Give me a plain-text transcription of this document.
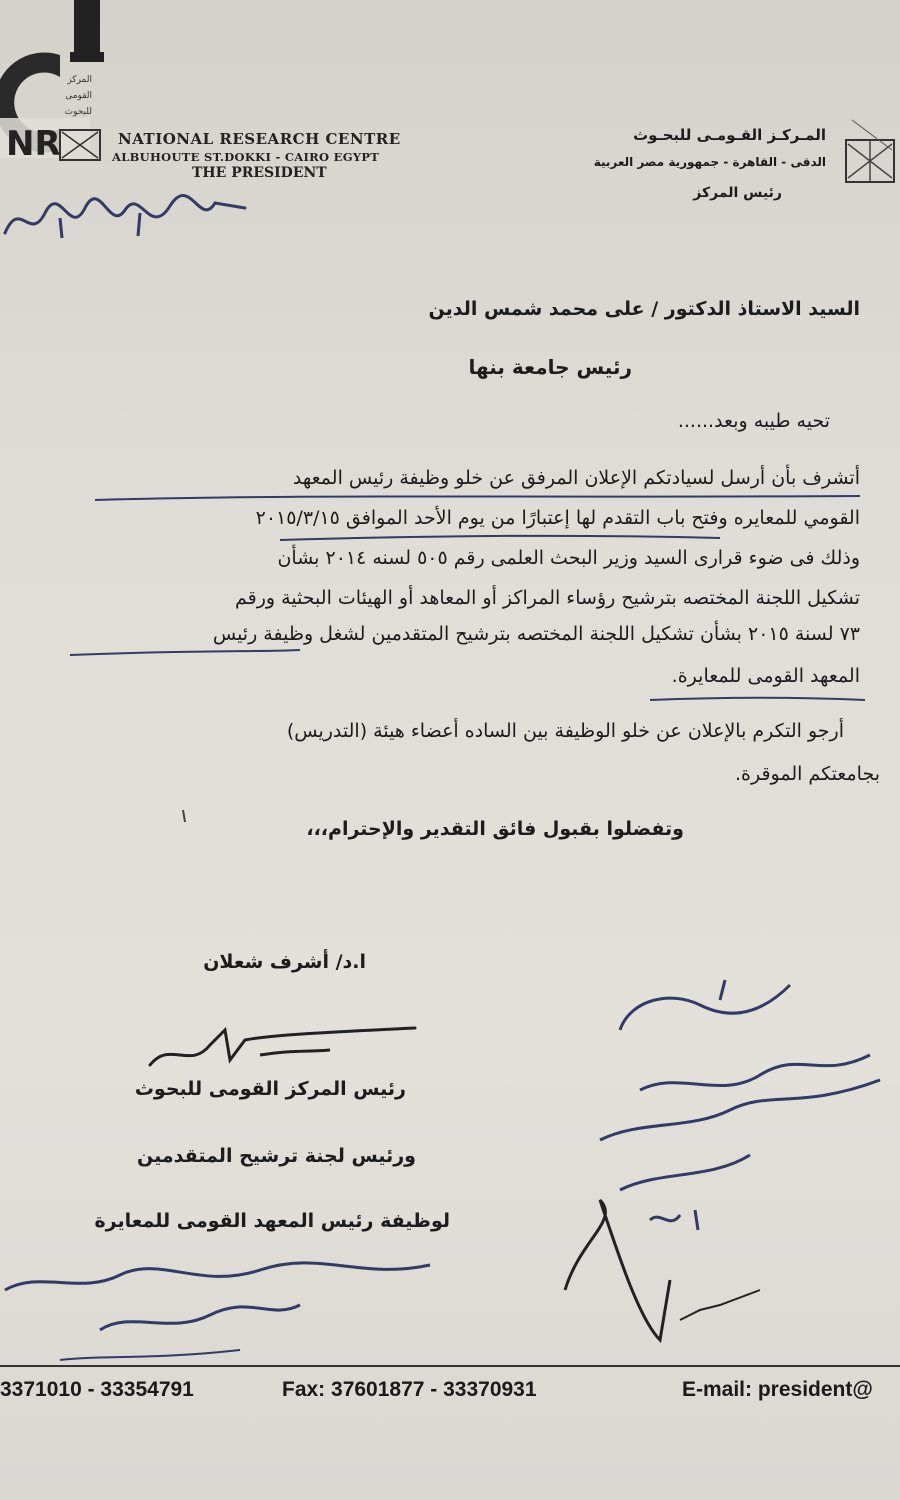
NR
المركز
القومى
للبحوث
NATIONAL RESEARCH CENTRE
ALBUHOUTE ST.DOKKI - CAIRO EGYPT
THE PRESIDENT
المـركـز القـومـى للبحـوث
الدقى - القاهرة - جمهورية مصر العربية
رئيس المركز
السيد الاستاذ الدكتور / على محمد شمس الدين
رئيس جامعة بنها
تحيه طيبه وبعد......
أتشرف بأن أرسل لسيادتكم الإعلان المرفق عن خلو وظيفة رئيس المعهد
القومي للمعايره وفتح باب التقدم لها إعتبارًا من يوم الأحد الموافق ٢٠١٥/٣/١٥
وذلك فى ضوء قرارى السيد وزير البحث العلمى رقم ٥٠٥ لسنه ٢٠١٤ بشأن
تشكيل اللجنة المختصه بترشيح رؤساء المراكز أو المعاهد أو الهيئات البحثية ورقم
٧٣ لسنة ٢٠١٥ بشأن تشكيل اللجنة المختصه بترشيح المتقدمين لشغل وظيفة رئيس
المعهد القومى للمعايرة.
أرجو التكرم بالإعلان عن خلو الوظيفة بين الساده أعضاء هيئة (التدريس)
بجامعتكم الموقرة.
وتفضلوا بقبول فائق التقدير والإحترام،،،
ا.د/ أشرف شعلان
رئيس المركز القومى للبحوث
ورئيس لجنة ترشيح المتقدمين
لوظيفة رئيس المعهد القومى للمعايرة
3371010 - 33354791	Fax: 37601877 - 33370931	E-mail: president@
